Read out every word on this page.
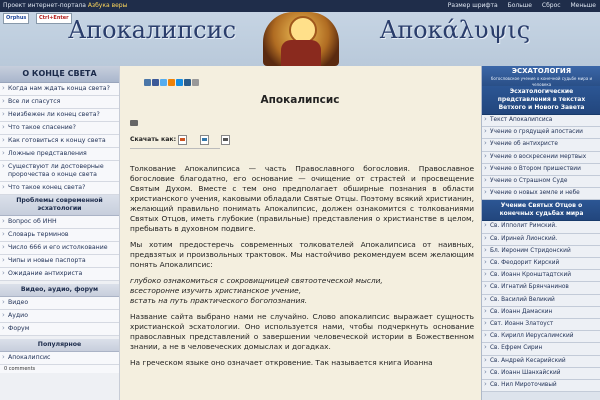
Проект интернет-портала Азбука веры	Размер шрифта Больше Сброс Меньше
Orphus	Ctrl+Enter Апокалипсис	Αποκάλυψις
О КОНЦЕ СВЕТА
› Когда нам ждать конца света?
› Все ли спасутся
› Неизбежен ли конец света?
› Что такое спасение?
› Как готовиться к концу света
› Ложные представления
› Существуют ли достоверные пророчества о конце света
› Что такое конец света?
Проблемы современной эсхатологии
› Вопрос об ИНН
› Словарь терминов
› Число 666 и его истолкование
› Чипы и новые паспорта
› Ожидание антихриста
Видео, аудио, форум
› Видео
› Аудио
› Форум
Популярное
› Апокалипсис
0 comments
Апокалипсис
Скачать как:

Толкование Апокалипсиса — часть Православного богословия. Православное богословие благодатно, его основание — очищение от страстей и просвещение Святым Духом. Вместе с тем оно предполагает обширные познания в области христианского учения, каковыми обладали Святые Отцы. Поэтому всякий христианин, желающий правильно понимать Апокалипсис, должен ознакомится с толкованиями Святых Отцов, иметь глубокие (правильные) представления о христианстве в целом, пребывать в духовном подвиге.

Мы хотим предостеречь современных толкователей Апокалипсиса от наивных, предвзятых и произвольных трактовок. Мы настойчиво рекомендуем всем желающим понять Апокалипсис:

глубоко ознакомиться с сокровищницей святоотеческой мысли,
всесторонне изучить христианское учение,
встать на путь практического богопознания.

Название сайта выбрано нами не случайно. Слово апокалипсис выражает сущность христианской эсхатологии. Оно используется нами, чтобы подчеркнуть основание православных представлений о завершении человеческой истории в Божественном знании, а не в человеческих домыслах и догадках.

На греческом языке оно означает откровение. Так называется книга Иоанна

ЭСХАТОЛОГИЯ
богословское учение о конечной судьбе мира и человека
Эсхатологические представления в текстах Ветхого и Нового Завета
› Текст Апокалипсиса
› Учение о грядущей апостасии
› Учение об антихристе
› Учение о воскресении мертвых
› Учение о Втором пришествии
› Учение о Страшном Суде
› Учение о новых земле и небе
Учение Святых Отцов о конечных судьбах мира
› Св. Ипполит Римский.
› Св. Ириней Лионский.
› Бл. Иероним Стридонский
› Св. Феодорит Кирский
› Св. Иоанн Кронштадтский
› Св. Игнатий Брянчанинов
› Св. Василий Великий
› Св. Иоанн Дамаскин
› Свт. Иоанн Златоуст
› Св. Кирилл Иерусалимский
› Св. Ефрем Сирин
› Св. Андрей Кесарийский
› Св. Иоанн Шанхайский
› Св. Нил Мироточивый
